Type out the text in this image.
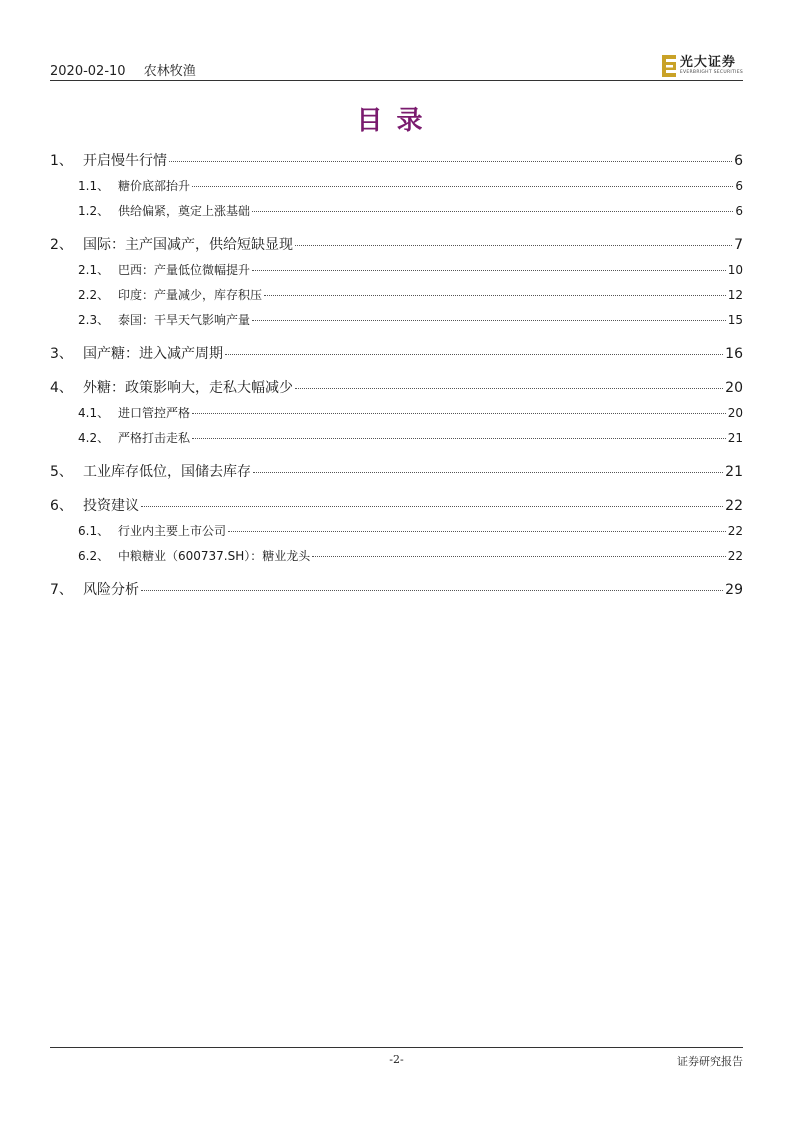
2020-02-10 农林牧渔
光大证券
EVERBRIGHT SECURITIES
目录
1、 开启慢牛行情	6
1.1、 糖价底部抬升	6
1.2、 供给偏紧，奠定上涨基础	6
2、 国际：主产国减产，供给短缺显现	7
2.1、 巴西：产量低位微幅提升	10
2.2、 印度：产量减少，库存积压	12
2.3、 泰国：干旱天气影响产量	15
3、 国产糖：进入减产周期	16
4、 外糖：政策影响大，走私大幅减少	20
4.1、 进口管控严格	20
4.2、 严格打击走私	21
5、 工业库存低位，国储去库存	21
6、 投资建议	22
6.1、 行业内主要上市公司	22
6.2、 中粮糖业（600737.SH）：糖业龙头	22
7、 风险分析	29
-2-	证券研究报告
